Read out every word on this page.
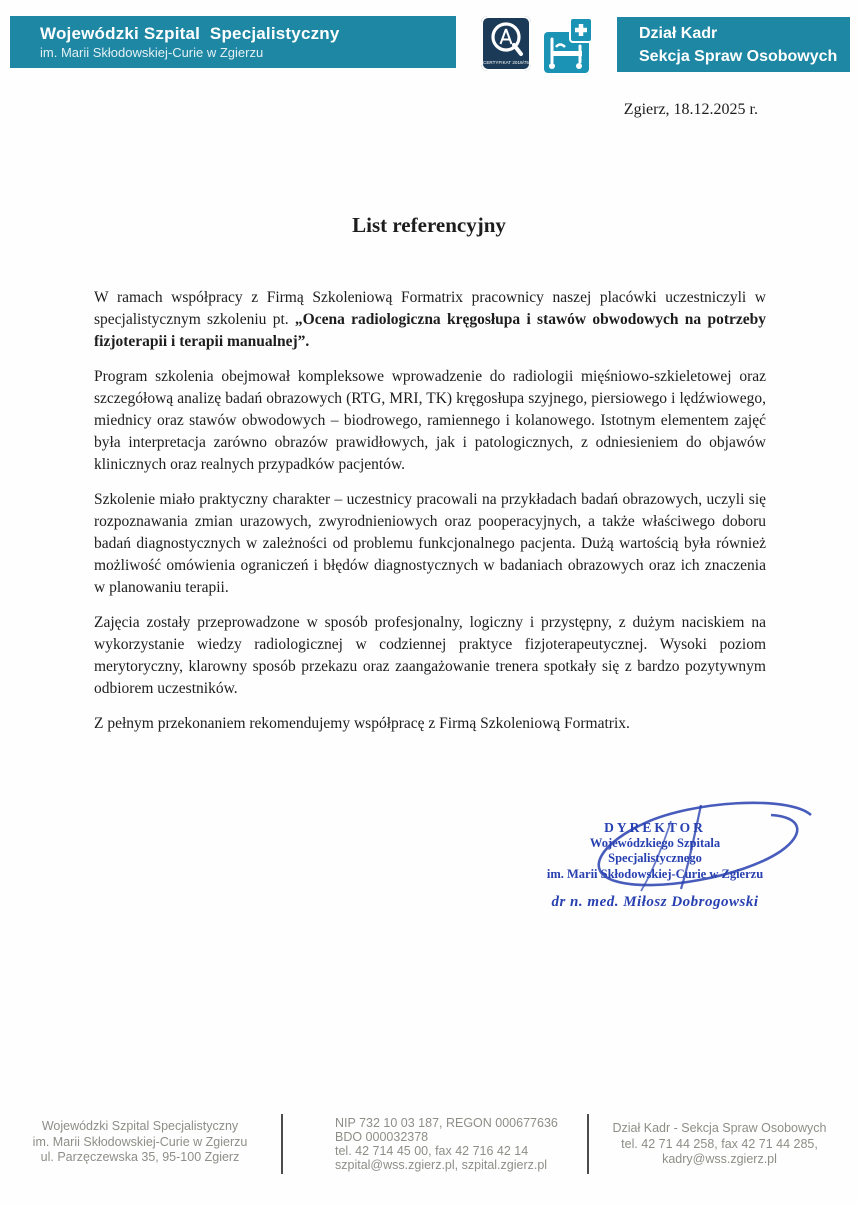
Wojewódzki Szpital  Specjalistyczny
im. Marii Skłodowskiej-Curie w Zgierzu
CERTYFIKAT 2019/75
Dział Kadr
Sekcja Spraw Osobowych
Zgierz, 18.12.2025 r.
List referencyjny

W ramach współpracy z Firmą Szkoleniową Formatrix pracownicy naszej placówki uczestniczyli w specjalistycznym szkoleniu pt. „Ocena radiologiczna kręgosłupa i stawów obwodowych na potrzeby fizjoterapii i terapii manualnej”.

Program szkolenia obejmował kompleksowe wprowadzenie do radiologii mięśniowo-szkieletowej oraz szczegółową analizę badań obrazowych (RTG, MRI, TK) kręgosłupa szyjnego, piersiowego i lędźwiowego, miednicy oraz stawów obwodowych – biodrowego, ramiennego i kolanowego. Istotnym elementem zajęć była interpretacja zarówno obrazów prawidłowych, jak i patologicznych, z odniesieniem do objawów klinicznych oraz realnych przypadków pacjentów.

Szkolenie miało praktyczny charakter – uczestnicy pracowali na przykładach badań obrazowych, uczyli się rozpoznawania zmian urazowych, zwyrodnieniowych oraz pooperacyjnych, a także właściwego doboru badań diagnostycznych w zależności od problemu funkcjonalnego pacjenta. Dużą wartością była również możliwość omówienia ograniczeń i błędów diagnostycznych w badaniach obrazowych oraz ich znaczenia w planowaniu terapii.

Zajęcia zostały przeprowadzone w sposób profesjonalny, logiczny i przystępny, z dużym naciskiem na wykorzystanie wiedzy radiologicznej w codziennej praktyce fizjoterapeutycznej. Wysoki poziom merytoryczny, klarowny sposób przekazu oraz zaangażowanie trenera spotkały się z bardzo pozytywnym odbiorem uczestników.

Z pełnym przekonaniem rekomendujemy współpracę z Firmą Szkoleniową Formatrix.

DYREKTOR
Wojewódzkiego Szpitala Specjalistycznego
im. Marii Skłodowskiej-Curie w Zgierzu
dr n. med. Miłosz Dobrogowski
Wojewódzki Szpital Specjalistyczny
im. Marii Skłodowskiej-Curie w Zgierzu
ul. Parzęczewska 35, 95-100 Zgierz
NIP 732 10 03 187, REGON 000677636
BDO 000032378
tel. 42 714 45 00, fax 42 716 42 14
szpital@wss.zgierz.pl, szpital.zgierz.pl
Dział Kadr - Sekcja Spraw Osobowych
tel. 42 71 44 258, fax 42 71 44 285,
kadry@wss.zgierz.pl
